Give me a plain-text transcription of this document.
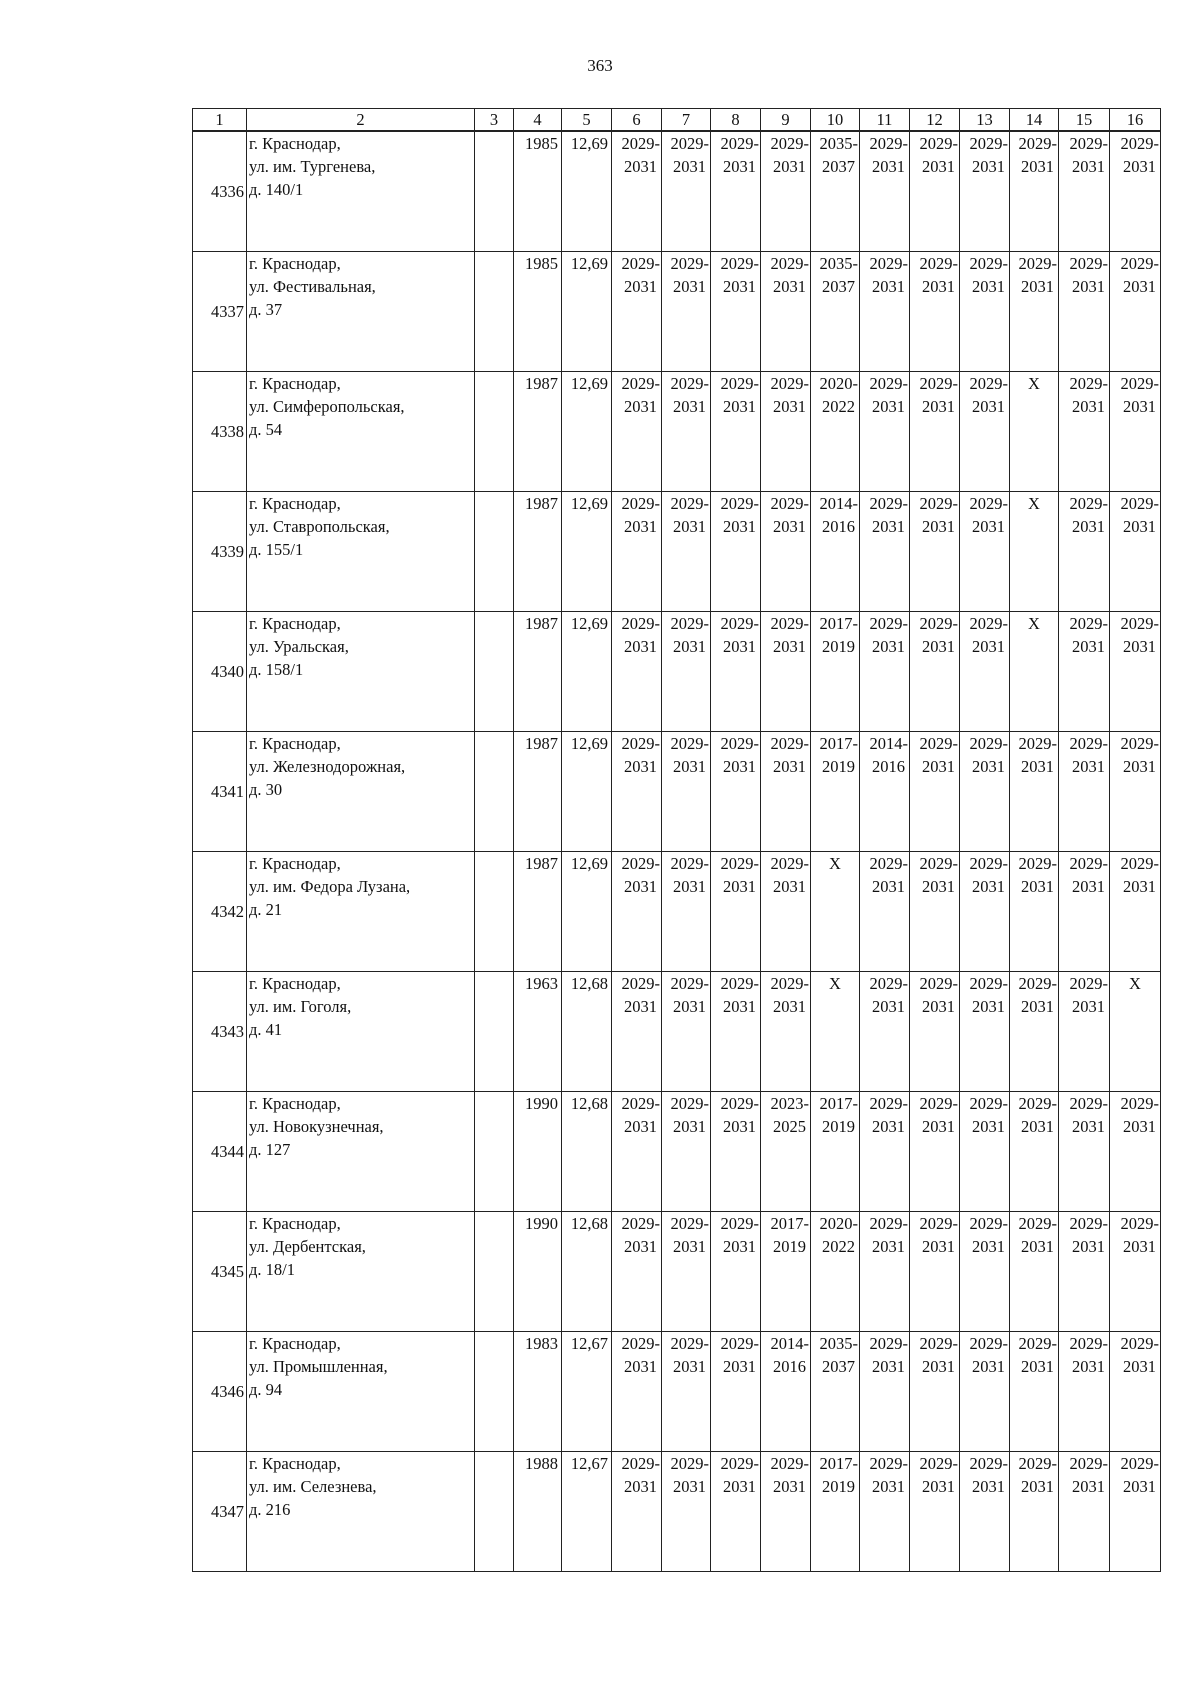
363
1	2	3	4	5	6	7	8	9	10	11	12	13	14	15	16
4336	г. Краснодар,
ул. им. Тургенева,
д. 140/1		1985	12,69	2029-
2031	2029-
2031	2029-
2031	2029-
2031	2035-
2037	2029-
2031	2029-
2031	2029-
2031	2029-
2031	2029-
2031	2029-
2031

4337	г. Краснодар,
ул. Фестивальная,
д. 37		1985	12,69	2029-
2031	2029-
2031	2029-
2031	2029-
2031	2035-
2037	2029-
2031	2029-
2031	2029-
2031	2029-
2031	2029-
2031	2029-
2031

4338	г. Краснодар,
ул. Симферопольская,
д. 54		1987	12,69	2029-
2031	2029-
2031	2029-
2031	2029-
2031	2020-
2022	2029-
2031	2029-
2031	2029-
2031	X	2029-
2031	2029-
2031

4339	г. Краснодар,
ул. Ставропольская,
д. 155/1		1987	12,69	2029-
2031	2029-
2031	2029-
2031	2029-
2031	2014-
2016	2029-
2031	2029-
2031	2029-
2031	X	2029-
2031	2029-
2031

4340	г. Краснодар,
ул. Уральская,
д. 158/1		1987	12,69	2029-
2031	2029-
2031	2029-
2031	2029-
2031	2017-
2019	2029-
2031	2029-
2031	2029-
2031	X	2029-
2031	2029-
2031

4341	г. Краснодар,
ул. Железнодорожная,
д. 30		1987	12,69	2029-
2031	2029-
2031	2029-
2031	2029-
2031	2017-
2019	2014-
2016	2029-
2031	2029-
2031	2029-
2031	2029-
2031	2029-
2031

4342	г. Краснодар,
ул. им. Федора Лузана,
д. 21		1987	12,69	2029-
2031	2029-
2031	2029-
2031	2029-
2031	X	2029-
2031	2029-
2031	2029-
2031	2029-
2031	2029-
2031	2029-
2031

4343	г. Краснодар,
ул. им. Гоголя,
д. 41		1963	12,68	2029-
2031	2029-
2031	2029-
2031	2029-
2031	X	2029-
2031	2029-
2031	2029-
2031	2029-
2031	2029-
2031	X

4344	г. Краснодар,
ул. Новокузнечная,
д. 127		1990	12,68	2029-
2031	2029-
2031	2029-
2031	2023-
2025	2017-
2019	2029-
2031	2029-
2031	2029-
2031	2029-
2031	2029-
2031	2029-
2031

4345	г. Краснодар,
ул. Дербентская,
д. 18/1		1990	12,68	2029-
2031	2029-
2031	2029-
2031	2017-
2019	2020-
2022	2029-
2031	2029-
2031	2029-
2031	2029-
2031	2029-
2031	2029-
2031

4346	г. Краснодар,
ул. Промышленная,
д. 94		1983	12,67	2029-
2031	2029-
2031	2029-
2031	2014-
2016	2035-
2037	2029-
2031	2029-
2031	2029-
2031	2029-
2031	2029-
2031	2029-
2031

4347	г. Краснодар,
ул. им. Селезнева,
д. 216		1988	12,67	2029-
2031	2029-
2031	2029-
2031	2029-
2031	2017-
2019	2029-
2031	2029-
2031	2029-
2031	2029-
2031	2029-
2031	2029-
2031
